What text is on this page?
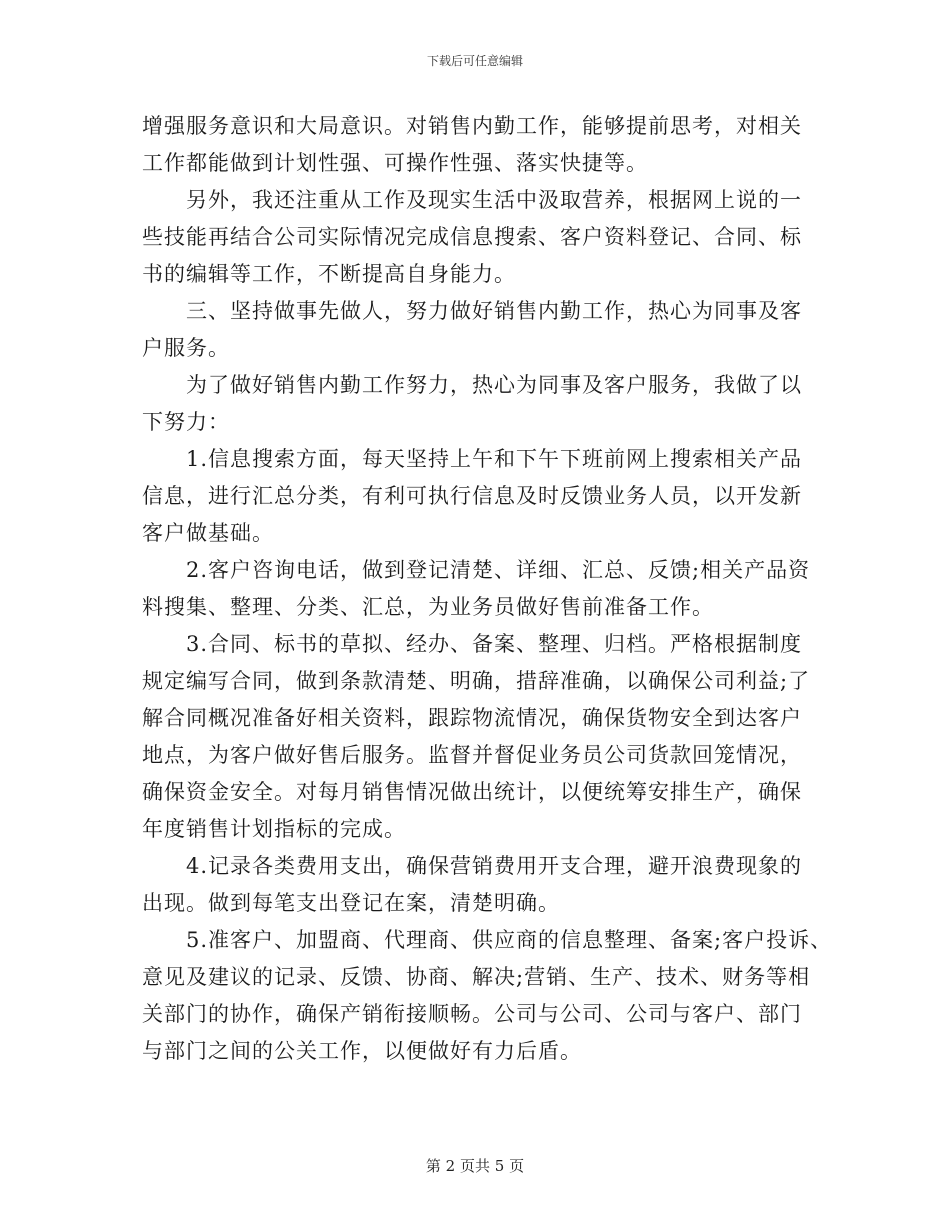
下载后可任意编辑
增强服务意识和大局意识。对销售内勤工作，能够提前思考，对相关
工作都能做到计划性强、可操作性强、落实快捷等。
另外，我还注重从工作及现实生活中汲取营养，根据网上说的一
些技能再结合公司实际情况完成信息搜索、客户资料登记、合同、标
书的编辑等工作，不断提高自身能力。
三、坚持做事先做人，努力做好销售内勤工作，热心为同事及客
户服务。
为了做好销售内勤工作努力，热心为同事及客户服务，我做了以
下努力：
1.信息搜索方面，每天坚持上午和下午下班前网上搜索相关产品
信息，进行汇总分类，有利可执行信息及时反馈业务人员，以开发新
客户做基础。
2.客户咨询电话，做到登记清楚、详细、汇总、反馈;相关产品资
料搜集、整理、分类、汇总，为业务员做好售前准备工作。
3.合同、标书的草拟、经办、备案、整理、归档。严格根据制度
规定编写合同，做到条款清楚、明确，措辞准确，以确保公司利益;了
解合同概况准备好相关资料，跟踪物流情况，确保货物安全到达客户
地点，为客户做好售后服务。监督并督促业务员公司货款回笼情况，
确保资金安全。对每月销售情况做出统计，以便统筹安排生产，确保
年度销售计划指标的完成。
4.记录各类费用支出，确保营销费用开支合理，避开浪费现象的
出现。做到每笔支出登记在案，清楚明确。
5.准客户、加盟商、代理商、供应商的信息整理、备案;客户投诉、
意见及建议的记录、反馈、协商、解决;营销、生产、技术、财务等相
关部门的协作，确保产销衔接顺畅。公司与公司、公司与客户、部门
与部门之间的公关工作，以便做好有力后盾。
第 2 页共 5 页
